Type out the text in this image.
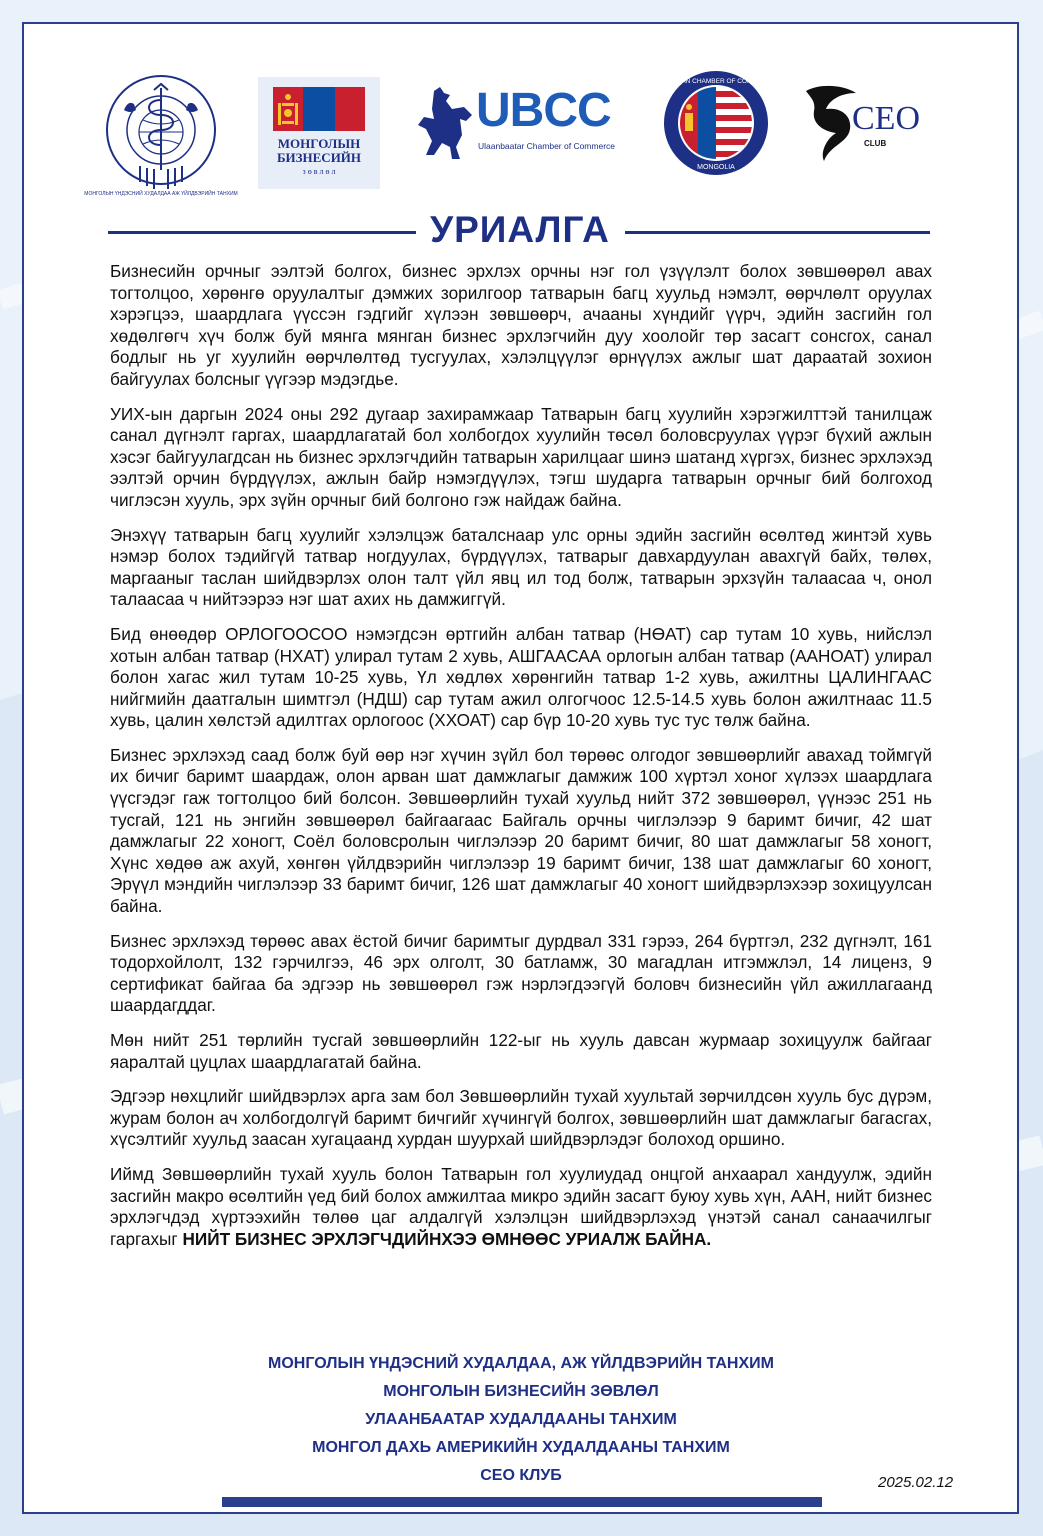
МОНГОЛЫН ҮНДЭСНИЙ ХУДАЛДАА АЖ ҮЙЛДВЭРИЙН ТАНХИМ
МОНГОЛЫН
БИЗНЕСИЙН
з ө в л ө л
UBCC
Ulaanbaatar Chamber of Commerce
AMERICAN CHAMBER OF COMMERCE
MONGOLIA
CEO
CLUB
УРИАЛГА

Бизнесийн орчныг ээлтэй болгох, бизнес эрхлэх орчны нэг гол үзүүлэлт болох зөвшөөрөл авах тогтолцоо, хөрөнгө оруулалтыг дэмжих зорилгоор татварын багц хуульд нэмэлт, өөрчлөлт оруулах хэрэгцээ, шаардлага үүссэн гэдгийг хүлээн зөвшөөрч, ачааны хүндийг үүрч, эдийн засгийн гол хөдөлгөгч хүч болж буй мянга мянган бизнес эрхлэгчийн дуу хоолойг төр засагт сонсгох, санал бодлыг нь уг хуулийн өөрчлөлтөд тусгуулах, хэлэлцүүлэг өрнүүлэх ажлыг шат дараатай зохион байгуулах болсныг үүгээр мэдэгдье.

УИХ-ын даргын 2024 оны 292 дугаар захирамжаар Татварын багц хуулийн хэрэгжилттэй танилцаж санал дүгнэлт гаргах, шаардлагатай бол холбогдох хуулийн төсөл боловсруулах үүрэг бүхий ажлын хэсэг байгуулагдсан нь бизнес эрхлэгчдийн татварын харилцааг шинэ шатанд хүргэх, бизнес эрхлэхэд ээлтэй орчин бүрдүүлэх, ажлын байр нэмэгдүүлэх, тэгш шударга татварын орчныг бий болгоход чиглэсэн хууль, эрх зүйн орчныг бий болгоно гэж найдаж байна.

Энэхүү татварын багц хуулийг хэлэлцэж баталснаар улс орны эдийн засгийн өсөлтөд жинтэй хувь нэмэр болох тэдийгүй татвар ногдуулах, бүрдүүлэх, татварыг давхардуулан авахгүй байх, төлөх, маргааныг таслан шийдвэрлэх олон талт үйл явц ил тод болж, татварын эрхзүйн талаасаа ч, онол талаасаа ч нийтээрээ нэг шат ахих нь дамжиггүй.

Бид өнөөдөр ОРЛОГООСОО нэмэгдсэн өртгийн албан татвар (НӨАТ) сар тутам 10 хувь, нийслэл хотын албан татвар (НХАТ) улирал тутам 2 хувь, АШГААСАА орлогын албан татвар (ААНОАТ) улирал болон хагас жил тутам 10-25 хувь, Үл хөдлөх хөрөнгийн татвар 1-2 хувь, ажилтны ЦАЛИНГААС нийгмийн даатгалын шимтгэл (НДШ) сар тутам ажил олгогчоос 12.5-14.5 хувь болон ажилтнаас 11.5 хувь, цалин хөлстэй адилтгах орлогоос (ХХОАТ) сар бүр 10-20 хувь тус тус төлж байна.

Бизнес эрхлэхэд саад болж буй өөр нэг хүчин зүйл бол төрөөс олгодог зөвшөөрлийг авахад тоймгүй их бичиг баримт шаардаж, олон арван шат дамжлагыг дамжиж 100 хүртэл хоног хүлээх шаардлага үүсгэдэг гаж тогтолцоо бий болсон. Зөвшөөрлийн тухай хуульд нийт 372 зөвшөөрөл, үүнээс 251 нь тусгай, 121 нь энгийн зөвшөөрөл байгаагаас Байгаль орчны чиглэлээр 9 баримт бичиг, 42 шат дамжлагыг 22 хоногт, Соёл боловсролын чиглэлээр 20 баримт бичиг, 80 шат дамжлагыг 58 хоногт, Хүнс хөдөө аж ахуй, хөнгөн үйлдвэрийн чиглэлээр 19 баримт бичиг, 138 шат дамжлагыг 60 хоногт, Эрүүл мэндийн чиглэлээр 33 баримт бичиг, 126 шат дамжлагыг 40 хоногт шийдвэрлэхээр зохицуулсан байна.

Бизнес эрхлэхэд төрөөс авах ёстой бичиг баримтыг дурдвал 331 гэрээ, 264 бүртгэл, 232 дүгнэлт, 161 тодорхойлолт, 132 гэрчилгээ, 46 эрх олголт, 30 батламж, 30 магадлан итгэмжлэл, 14 лиценз, 9 сертификат байгаа ба эдгээр нь зөвшөөрөл гэж нэрлэгдээгүй боловч бизнесийн үйл ажиллагаанд шаардагддаг.

Мөн нийт 251 төрлийн тусгай зөвшөөрлийн 122-ыг нь хууль давсан журмаар зохицуулж байгааг яаралтай цуцлах шаардлагатай байна.

Эдгээр нөхцлийг шийдвэрлэх арга зам бол Зөвшөөрлийн тухай хуультай зөрчилдсөн хууль бус дүрэм, журам болон ач холбогдолгүй баримт бичгийг хүчингүй болгох, зөвшөөрлийн шат дамжлагыг багасгах, хүсэлтийг хуульд заасан хугацаанд хурдан шуурхай шийдвэрлэдэг болоход оршино.

Иймд Зөвшөөрлийн тухай хууль болон Татварын гол хуулиудад онцгой анхаарал хандуулж, эдийн засгийн макро өсөлтийн үед бий болох амжилтаа микро эдийн засагт буюу хувь хүн, ААН, нийт бизнес эрхлэгчдэд хүртээхийн төлөө цаг алдалгүй хэлэлцэн шийдвэрлэхэд үнэтэй санал санаачилгыг гаргахыг НИЙТ БИЗНЕС ЭРХЛЭГЧДИЙНХЭЭ ӨМНӨӨС УРИАЛЖ БАЙНА.

МОНГОЛЫН ҮНДЭСНИЙ ХУДАЛДАА, АЖ ҮЙЛДВЭРИЙН ТАНХИМ
МОНГОЛЫН БИЗНЕСИЙН ЗӨВЛӨЛ
УЛААНБААТАР ХУДАЛДААНЫ ТАНХИМ
МОНГОЛ ДАХЬ АМЕРИКИЙН ХУДАЛДААНЫ ТАНХИМ
СЕО КЛУБ	2025.02.12
